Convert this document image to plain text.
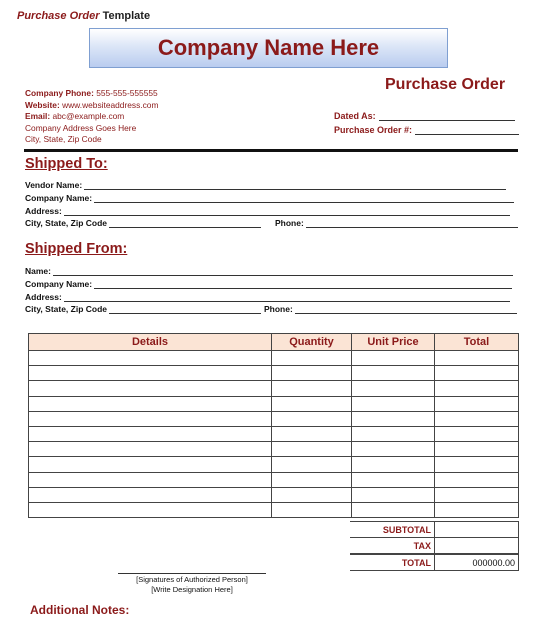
Purchase Order Template
Company Name Here
Company Phone: 555-555-555555
Website: www.websiteaddress.com
Email: abc@example.com
Company Address Goes Here
City, State, Zip Code
Purchase Order
Dated As:
Purchase Order #:
Shipped To:
Vendor Name:
Company Name:
Address:
City, State, Zip Code	Phone:
Shipped From:
Name:
Company Name:
Address:
City, State, Zip Code	Phone:
Details	Quantity	Unit Price	Total

SUBTOTAL	
TAX	
TOTAL	000000.00
[Signatures of Authorized Person]
[Write Designation Here]
Additional Notes:
